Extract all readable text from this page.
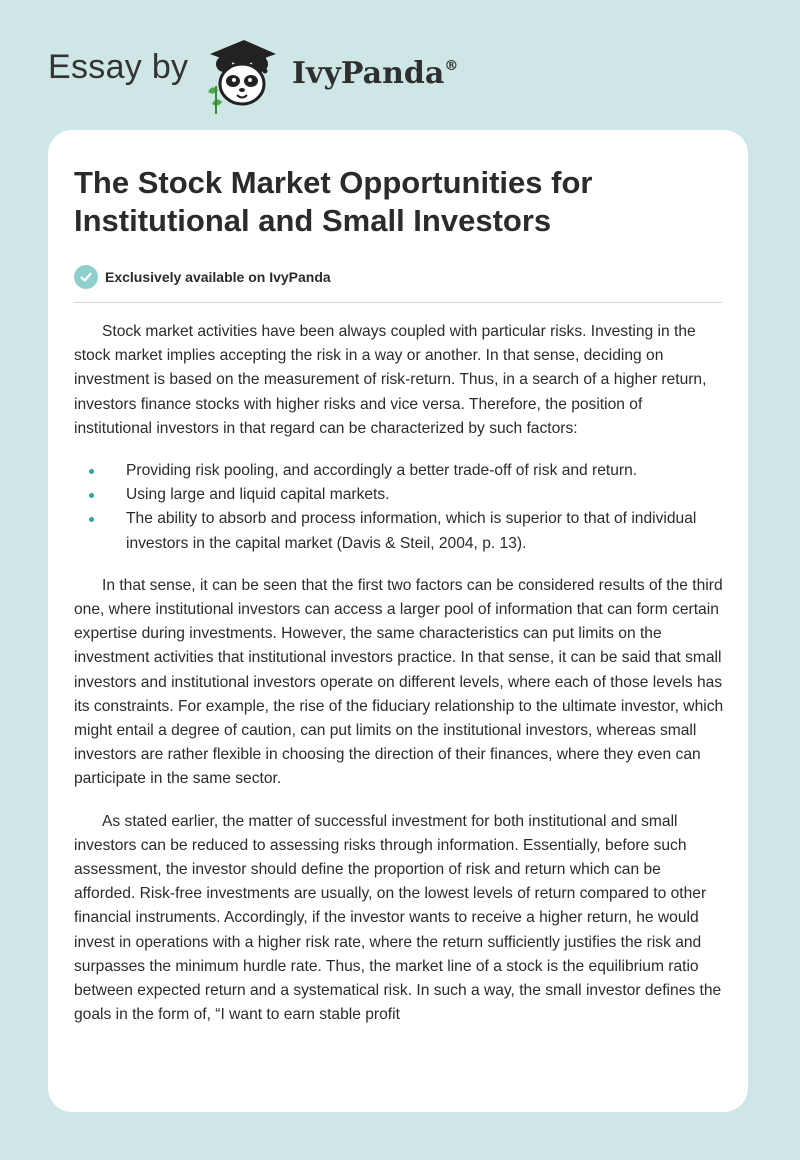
Essay by	IvyPanda®
The Stock Market Opportunities for Institutional and Small Investors
Exclusively available on IvyPanda

Stock market activities have been always coupled with particular risks. Investing in the stock market implies accepting the risk in a way or another. In that sense, deciding on investment is based on the measurement of risk-return. Thus, in a search of a higher return, investors finance stocks with higher risks and vice versa. Therefore, the position of institutional investors in that regard can be characterized by such factors:

Providing risk pooling, and accordingly a better trade-off of risk and return.
Using large and liquid capital markets.
The ability to absorb and process information, which is superior to that of individual investors in the capital market (Davis & Steil, 2004, p. 13).

In that sense, it can be seen that the first two factors can be considered results of the third one, where institutional investors can access a larger pool of information that can form certain expertise during investments. However, the same characteristics can put limits on the investment activities that institutional investors practice. In that sense, it can be said that small investors and institutional investors operate on different levels, where each of those levels has its constraints. For example, the rise of the fiduciary relationship to the ultimate investor, which might entail a degree of caution, can put limits on the institutional investors, whereas small investors are rather flexible in choosing the direction of their finances, where they even can participate in the same sector.

As stated earlier, the matter of successful investment for both institutional and small investors can be reduced to assessing risks through information. Essentially, before such assessment, the investor should define the proportion of risk and return which can be afforded. Risk-free investments are usually, on the lowest levels of return compared to other financial instruments. Accordingly, if the investor wants to receive a higher return, he would invest in operations with a higher risk rate, where the return sufficiently justifies the risk and surpasses the minimum hurdle rate. Thus, the market line of a stock is the equilibrium ratio between expected return and a systematical risk. In such a way, the small investor defines the goals in the form of, “I want to earn stable profit
